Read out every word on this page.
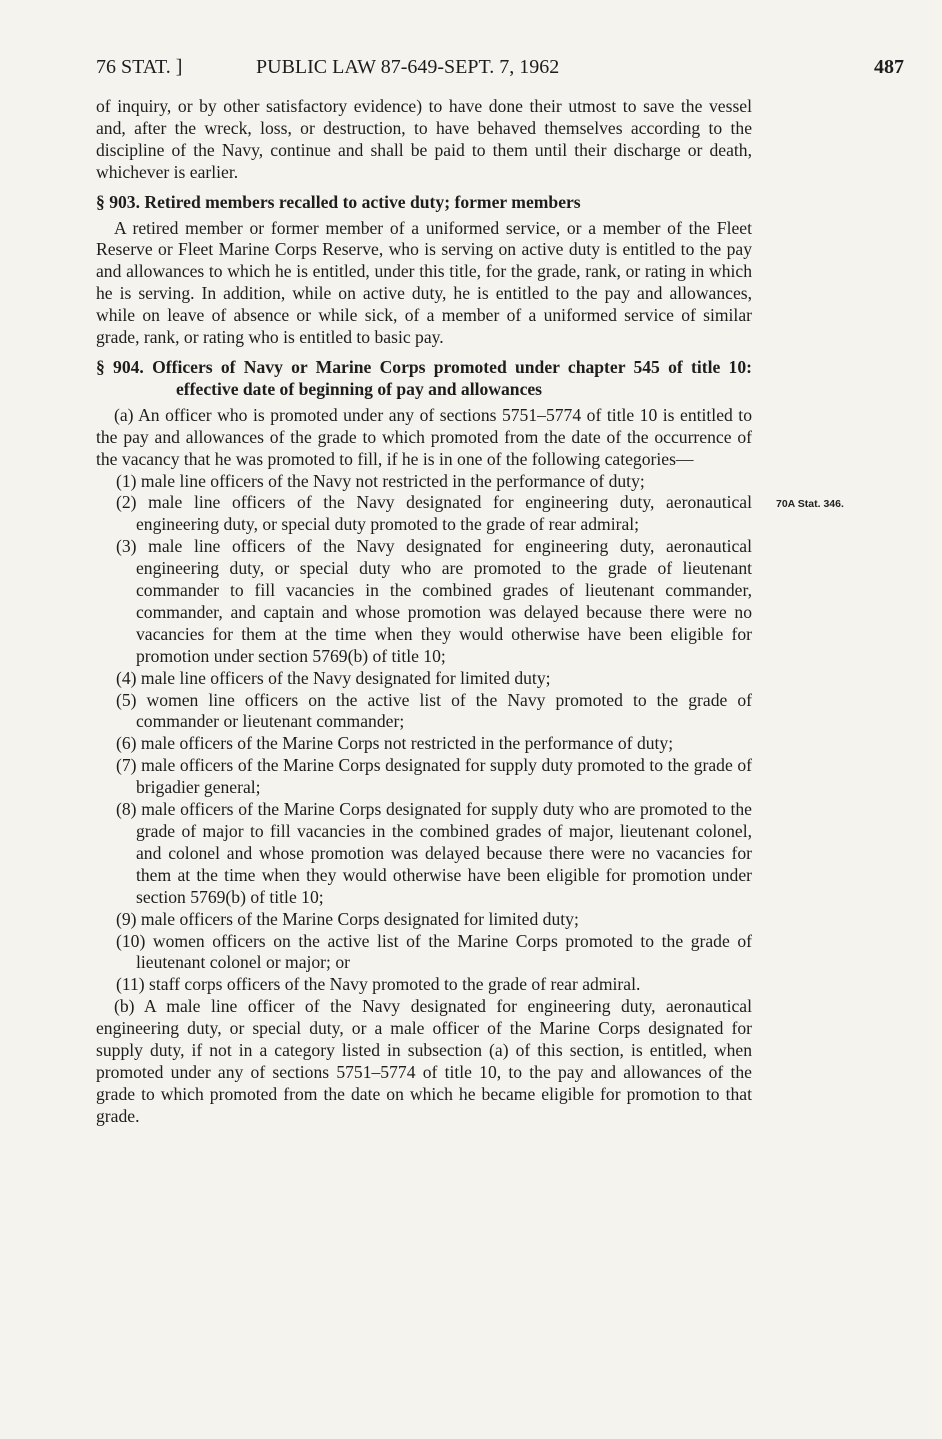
76 STAT. ]	PUBLIC LAW 87-649-SEPT. 7, 1962	487

of inquiry, or by other satisfactory evidence) to have done their utmost to save the vessel and, after the wreck, loss, or destruction, to have behaved themselves according to the discipline of the Navy, continue and shall be paid to them until their discharge or death, whichever is earlier.

§ 903. Retired members recalled to active duty; former members

A retired member or former member of a uniformed service, or a member of the Fleet Reserve or Fleet Marine Corps Reserve, who is serving on active duty is entitled to the pay and allowances to which he is entitled, under this title, for the grade, rank, or rating in which he is serving. In addition, while on active duty, he is entitled to the pay and allowances, while on leave of absence or while sick, of a member of a uniformed service of similar grade, rank, or rating who is entitled to basic pay.

§ 904. Officers of Navy or Marine Corps promoted under chapter 545 of title 10: effective date of beginning of pay and allowances

(a) An officer who is promoted under any of sections 5751–5774 of title 10 is entitled to the pay and allowances of the grade to which promoted from the date of the occurrence of the vacancy that he was promoted to fill, if he is in one of the following categories—

(1) male line officers of the Navy not restricted in the performance of duty;

(2) male line officers of the Navy designated for engineering duty, aeronautical engineering duty, or special duty promoted to the grade of rear admiral;

(3) male line officers of the Navy designated for engineering duty, aeronautical engineering duty, or special duty who are promoted to the grade of lieutenant commander to fill vacancies in the combined grades of lieutenant commander, commander, and captain and whose promotion was delayed because there were no vacancies for them at the time when they would otherwise have been eligible for promotion under section 5769(b) of title 10;

(4) male line officers of the Navy designated for limited duty;

(5) women line officers on the active list of the Navy promoted to the grade of commander or lieutenant commander;

(6) male officers of the Marine Corps not restricted in the performance of duty;

(7) male officers of the Marine Corps designated for supply duty promoted to the grade of brigadier general;

(8) male officers of the Marine Corps designated for supply duty who are promoted to the grade of major to fill vacancies in the combined grades of major, lieutenant colonel, and colonel and whose promotion was delayed because there were no vacancies for them at the time when they would otherwise have been eligible for promotion under section 5769(b) of title 10;

(9) male officers of the Marine Corps designated for limited duty;

(10) women officers on the active list of the Marine Corps promoted to the grade of lieutenant colonel or major; or

(11) staff corps officers of the Navy promoted to the grade of rear admiral.

(b) A male line officer of the Navy designated for engineering duty, aeronautical engineering duty, or special duty, or a male officer of the Marine Corps designated for supply duty, if not in a category listed in subsection (a) of this section, is entitled, when promoted under any of sections 5751–5774 of title 10, to the pay and allowances of the grade to which promoted from the date on which he became eligible for promotion to that grade.

70A Stat. 346.
